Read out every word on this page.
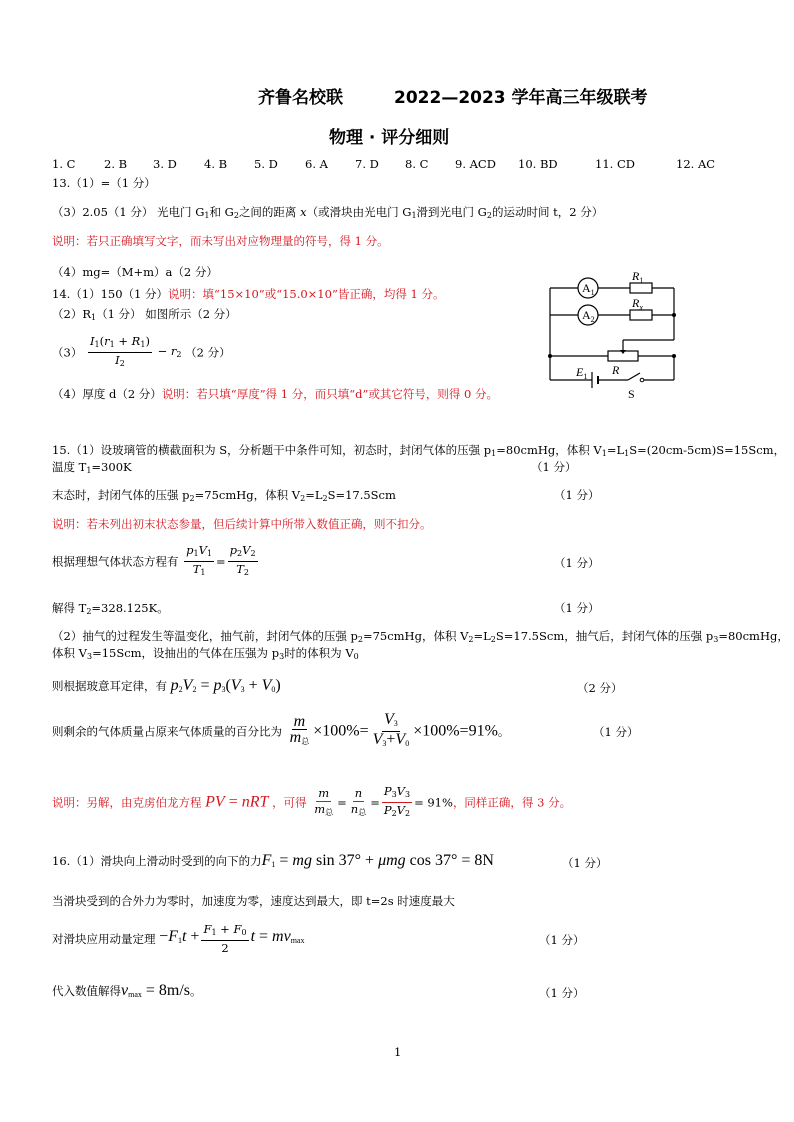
齐鲁名校联	2022—2023 学年高三年级联考
物理 · 评分细则
1. C 2. B 3. D 4. B 5. D 6. A 7. D 8. C 9. ACD 10. BD	11. CD	12. AC
13.（1）=（1 分）
（3）2.05（1 分） 光电门 $G_1$和 $G_2$之间的距离 x（或滑块由光电门 $G_1$滑到光电门 $G_2$的运动时间 t，2 分）
说明：若只正确填写文字，而未写出对应物理量的符号，得 1 分。
（4）mg=（M+m）a（2 分）
14.（1）150（1 分）说明：填“15×10”或“15.0×10”皆正确，均得 1 分。
$(2)R_1(1$ 分） 如图所示（2 分）
$(3) \frac{I_1(r_1 + R_1)}{I_2} - r_2$ （2 分）
（4）厚度 d（2 分）说明：若只填“厚度”得 1 分，而只填“d”或其它符号，则得 0 分。
$A_1$
$A_2$
$R_1$
$R_x$
R
$E_1$
S
15.（1）设玻璃管的横截面积为 S，分析题干中条件可知，初态时，封闭气体的压强 $p_1=80cmHg$，体积 $V_1=L_1S=(20cm-5cm)S=15Scm$，
温度 $T_1=300K$	（1 分）
末态时，封闭气体的压强 $p_2=75cmHg$，体积 $V_2=L_2S=17.5Scm$	（1 分）
说明：若未列出初末状态参量，但后续计算中所带入数值正确，则不扣分。
根据理想气体状态方程有 $\frac{p_1V_1}{T_1} = \frac{p_2V_2}{T_2}$	（1 分）
解得 $T_2=328.125K$。	（1 分）
（2）抽气的过程发生等温变化，抽气前，封闭气体的压强 $p_2=75cmHg$，体积 $V_2=L_2S=17.5Scm$，抽气后，封闭气体的压强 $p_3=80cmHg$，
体积 $V_3=15Scm$，设抽出的气体在压强为 $p_3$时的体积为 $V_0$
则根据玻意耳定律，有 $p_2V_2 = p_3(V_3 + V_0)$	（2 分）
则剩余的气体质量占原来气体质量的百分比为 $\frac{m}{m_总} \times 100\%= \frac{V_3}{V_3+V_0} \times 100\%=91\%$。	（1 分）
说明：另解，由克虏伯龙方程 PV = nRT ，可得 $\frac{m}{m_总} = \frac{n}{n_总} = \frac{P_3V_3}{P_2V_2} = 91\%$，同样正确，得 3 分。
16.（1）滑块向上滑动时受到的向下的力$F_1$ = mg sin 37° + μmg cos 37° = 8N	（1 分）
当滑块受到的合外力为零时，加速度为零，速度达到最大，即 t=2s 时速度最大
对滑块应用动量定理 $-F_1t + \frac{F_1 + F_0}{2}$ $t = mv_{max}$	（1 分）
代入数值解得$v_{max} = 8m/s$。	（1 分）
1
